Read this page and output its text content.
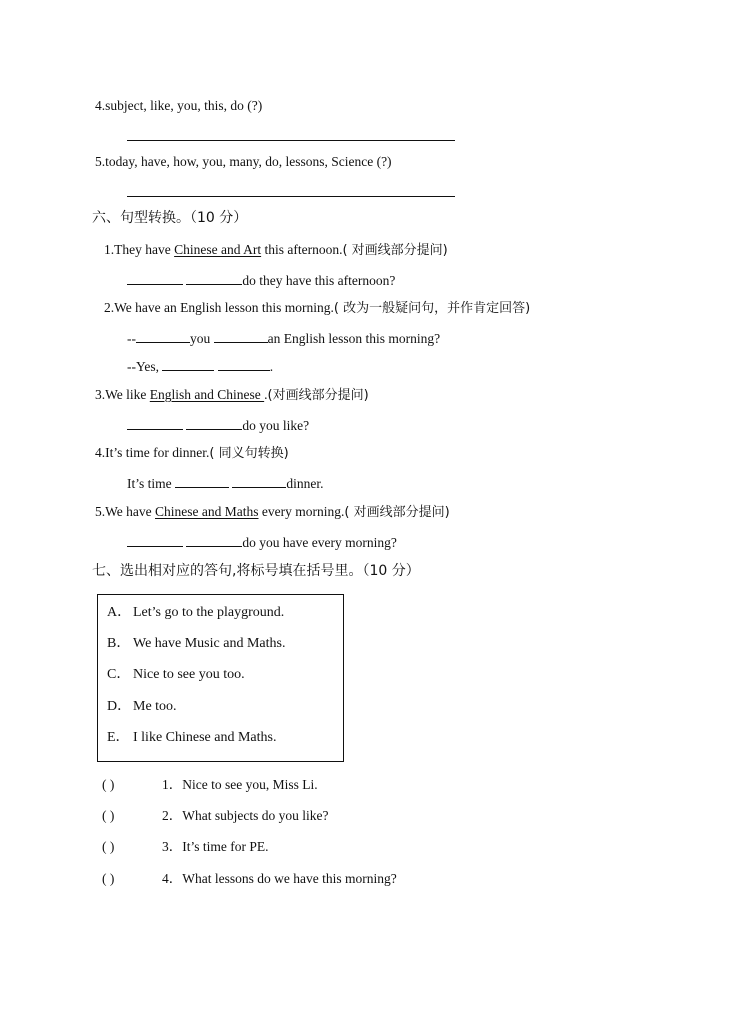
4.subject, like, you, this, do (?)
5.today, have, how, you, many, do, lessons, Science (?)
六、句型转换。（10 分）
1.They have Chinese and Art this afternoon.( 对画线部分提问)
do they have this afternoon?
2.We have an English lesson this morning.( 改为一般疑问句，并作肯定回答)
--	you	an English lesson this morning?
--Yes,	.
3.We like English and Chinese .(对画线部分提问)
do you like?
4.It’s time for dinner.( 同义句转换)
It’s time	dinner.
5.We have Chinese and Maths every morning.( 对画线部分提问)
do you have every morning?
七、选出相对应的答句,将标号填在括号里。（10 分）
A． Let’s go to the playground.
B． We have Music and Maths.
C． Nice to see you too.
D． Me too.
E． I like Chinese and Maths.
( )	1．Nice to see you, Miss Li.
( )	2．What subjects do you like?
( )	3．It’s time for PE.
( )	4．What lessons do we have this morning?
